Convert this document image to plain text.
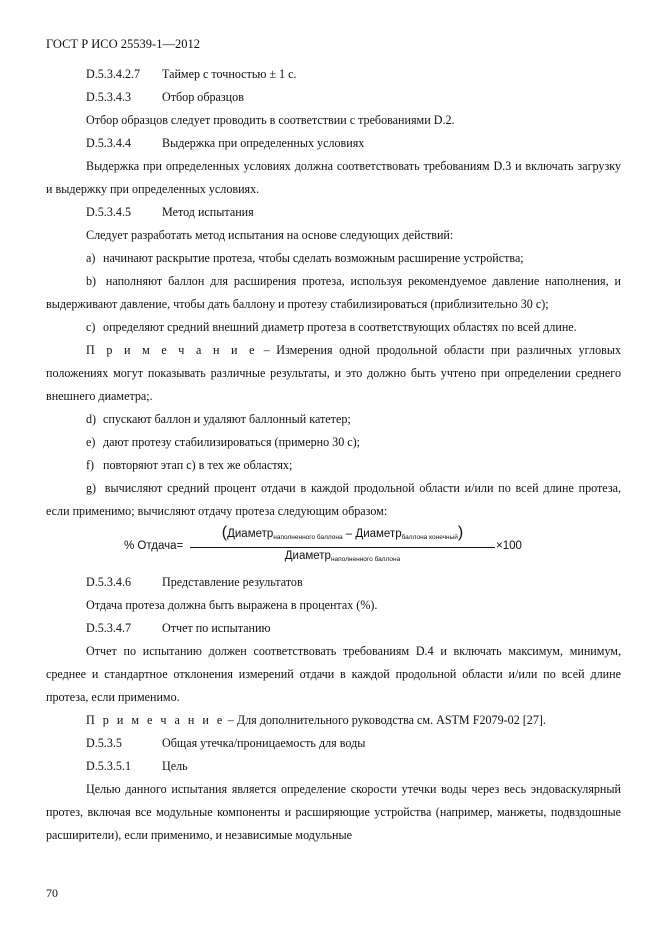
ГОСТ Р ИСО 25539-1—2012

D.5.3.4.2.7 Таймер с точностью ± 1 с.

D.5.3.4.3	Отбор образцов

Отбор образцов следует проводить в соответствии с требованиями D.2.

D.5.3.4.4	Выдержка при определенных условиях

Выдержка при определенных условиях должна соответствовать требованиям D.3 и включать загрузку и выдержку при определенных условиях.

D.5.3.4.5	Метод испытания

Следует разработать метод испытания на основе следующих действий:

a) начинают раскрытие протеза, чтобы сделать возможным расширение устройства;

b) наполняют баллон для расширения протеза, используя рекомендуемое давление наполнения, и выдерживают давление, чтобы дать баллону и протезу стабилизироваться (приблизительно 30 с);

c) определяют средний внешний диаметр протеза в соответствующих областях по всей длине.

П р и м е ч а н и е – Измерения одной продольной области при различных угловых положениях могут показывать различные результаты, и это должно быть учтено при определении среднего внешнего диаметра;.

d) спускают баллон и удаляют баллонный катетер;

e) дают протезу стабилизироваться (примерно 30 с);

f) повторяют этап c) в тех же областях;

g) вычисляют средний процент отдачи в каждой продольной области и/или по всей длине протеза, если применимо; вычисляют отдачу протеза следующим образом:

% Отдача=
(Диаметр$_{наполненного баллона}$ – Диаметр$_{баллона конечный}$)
Диаметр$_{наполненного баллона}$
×100

D.5.3.4.6	Представление результатов

Отдача протеза должна быть выражена в процентах (%).

D.5.3.4.7	Отчет по испытанию

Отчет по испытанию должен соответствовать требованиям D.4 и включать максимум, минимум, среднее и стандартное отклонения измерений отдачи в каждой продольной области и/или по всей длине протеза, если применимо.

П р и м е ч а н и е – Для дополнительного руководства см. ASTM F2079-02 [27].

D.5.3.5	Общая утечка/проницаемость для воды

D.5.3.5.1	Цель

Целью данного испытания является определение скорости утечки воды через весь эндоваскулярный протез, включая все модульные компоненты и расширяющие устройства (например, манжеты, подвздошные расширители), если применимо, и независимые модульные

70
